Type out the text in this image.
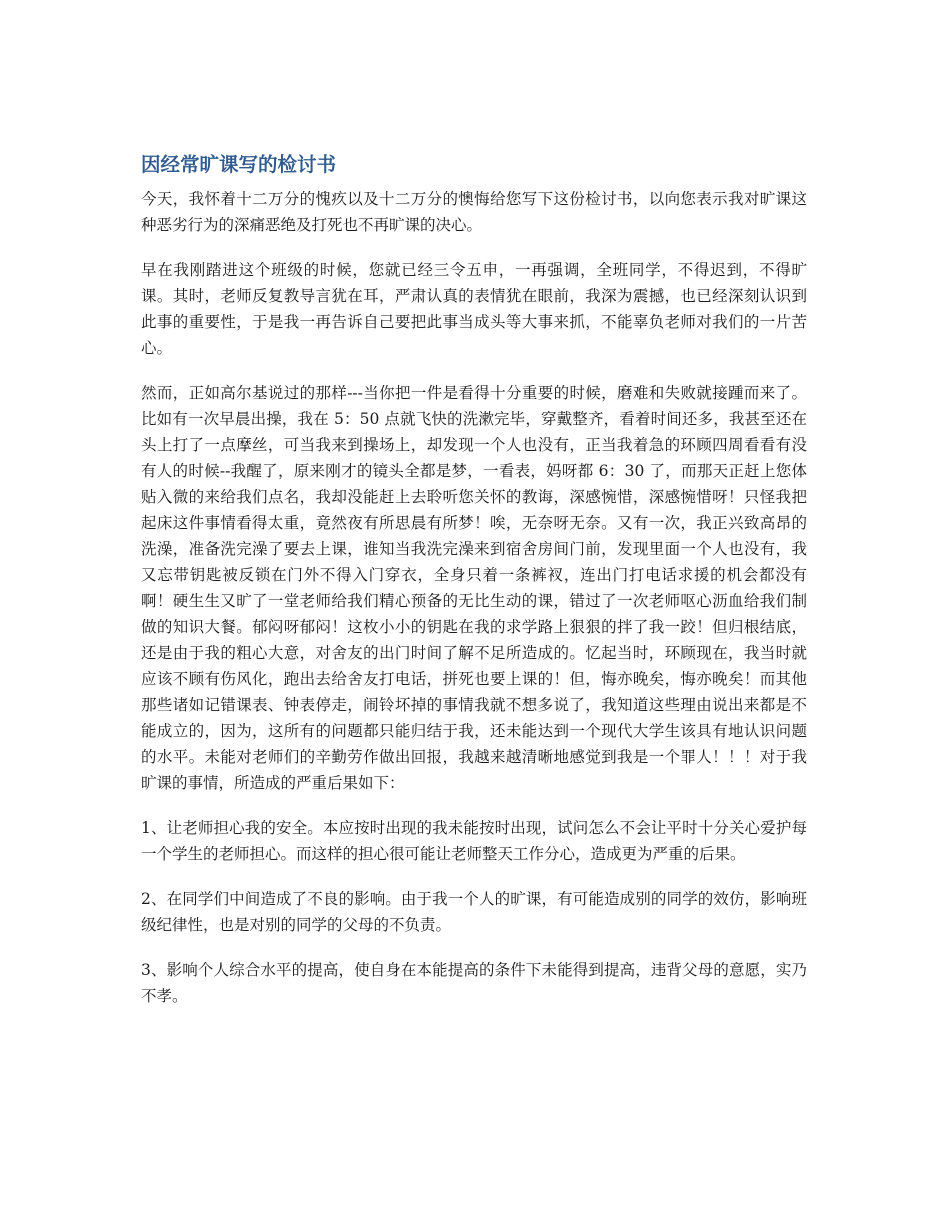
因经常旷课写的检讨书

今天，我怀着十二万分的愧疚以及十二万分的懊悔给您写下这份检讨书，以向您表示我对旷课这种恶劣行为的深痛恶绝及打死也不再旷课的决心。

早在我刚踏进这个班级的时候，您就已经三令五申，一再强调，全班同学，不得迟到，不得旷课。其时，老师反复教导言犹在耳，严肃认真的表情犹在眼前，我深为震撼，也已经深刻认识到此事的重要性，于是我一再告诉自己要把此事当成头等大事来抓，不能辜负老师对我们的一片苦心。

然而，正如高尔基说过的那样---当你把一件是看得十分重要的时候，磨难和失败就接踵而来了。比如有一次早晨出操，我在 5：50 点就飞快的洗漱完毕，穿戴整齐，看着时间还多，我甚至还在头上打了一点摩丝，可当我来到操场上，却发现一个人也没有，正当我着急的环顾四周看看有没有人的时候--我醒了，原来刚才的镜头全都是梦，一看表，妈呀都 6：30 了，而那天正赶上您体贴入微的来给我们点名，我却没能赶上去聆听您关怀的教诲，深感惋惜，深感惋惜呀！只怪我把起床这件事情看得太重，竟然夜有所思晨有所梦！唉，无奈呀无奈。又有一次，我正兴致高昂的洗澡，准备洗完澡了要去上课，谁知当我洗完澡来到宿舍房间门前，发现里面一个人也没有，我又忘带钥匙被反锁在门外不得入门穿衣，全身只着一条裤衩，连出门打电话求援的机会都没有啊！硬生生又旷了一堂老师给我们精心预备的无比生动的课，错过了一次老师呕心沥血给我们制做的知识大餐。郁闷呀郁闷！这枚小小的钥匙在我的求学路上狠狠的拌了我一跤！但归根结底，还是由于我的粗心大意，对舍友的出门时间了解不足所造成的。忆起当时，环顾现在，我当时就应该不顾有伤风化，跑出去给舍友打电话，拼死也要上课的！但，悔亦晚矣，悔亦晚矣！而其他那些诸如记错课表、钟表停走，闹铃坏掉的事情我就不想多说了，我知道这些理由说出来都是不能成立的，因为，这所有的问题都只能归结于我，还未能达到一个现代大学生该具有地认识问题的水平。未能对老师们的辛勤劳作做出回报，我越来越清晰地感觉到我是一个罪人！！！对于我旷课的事情，所造成的严重后果如下：

1、让老师担心我的安全。本应按时出现的我未能按时出现，试问怎么不会让平时十分关心爱护每一个学生的老师担心。而这样的担心很可能让老师整天工作分心，造成更为严重的后果。

2、在同学们中间造成了不良的影响。由于我一个人的旷课，有可能造成别的同学的效仿，影响班级纪律性，也是对别的同学的父母的不负责。

3、影响个人综合水平的提高，使自身在本能提高的条件下未能得到提高，违背父母的意愿，实乃不孝。
